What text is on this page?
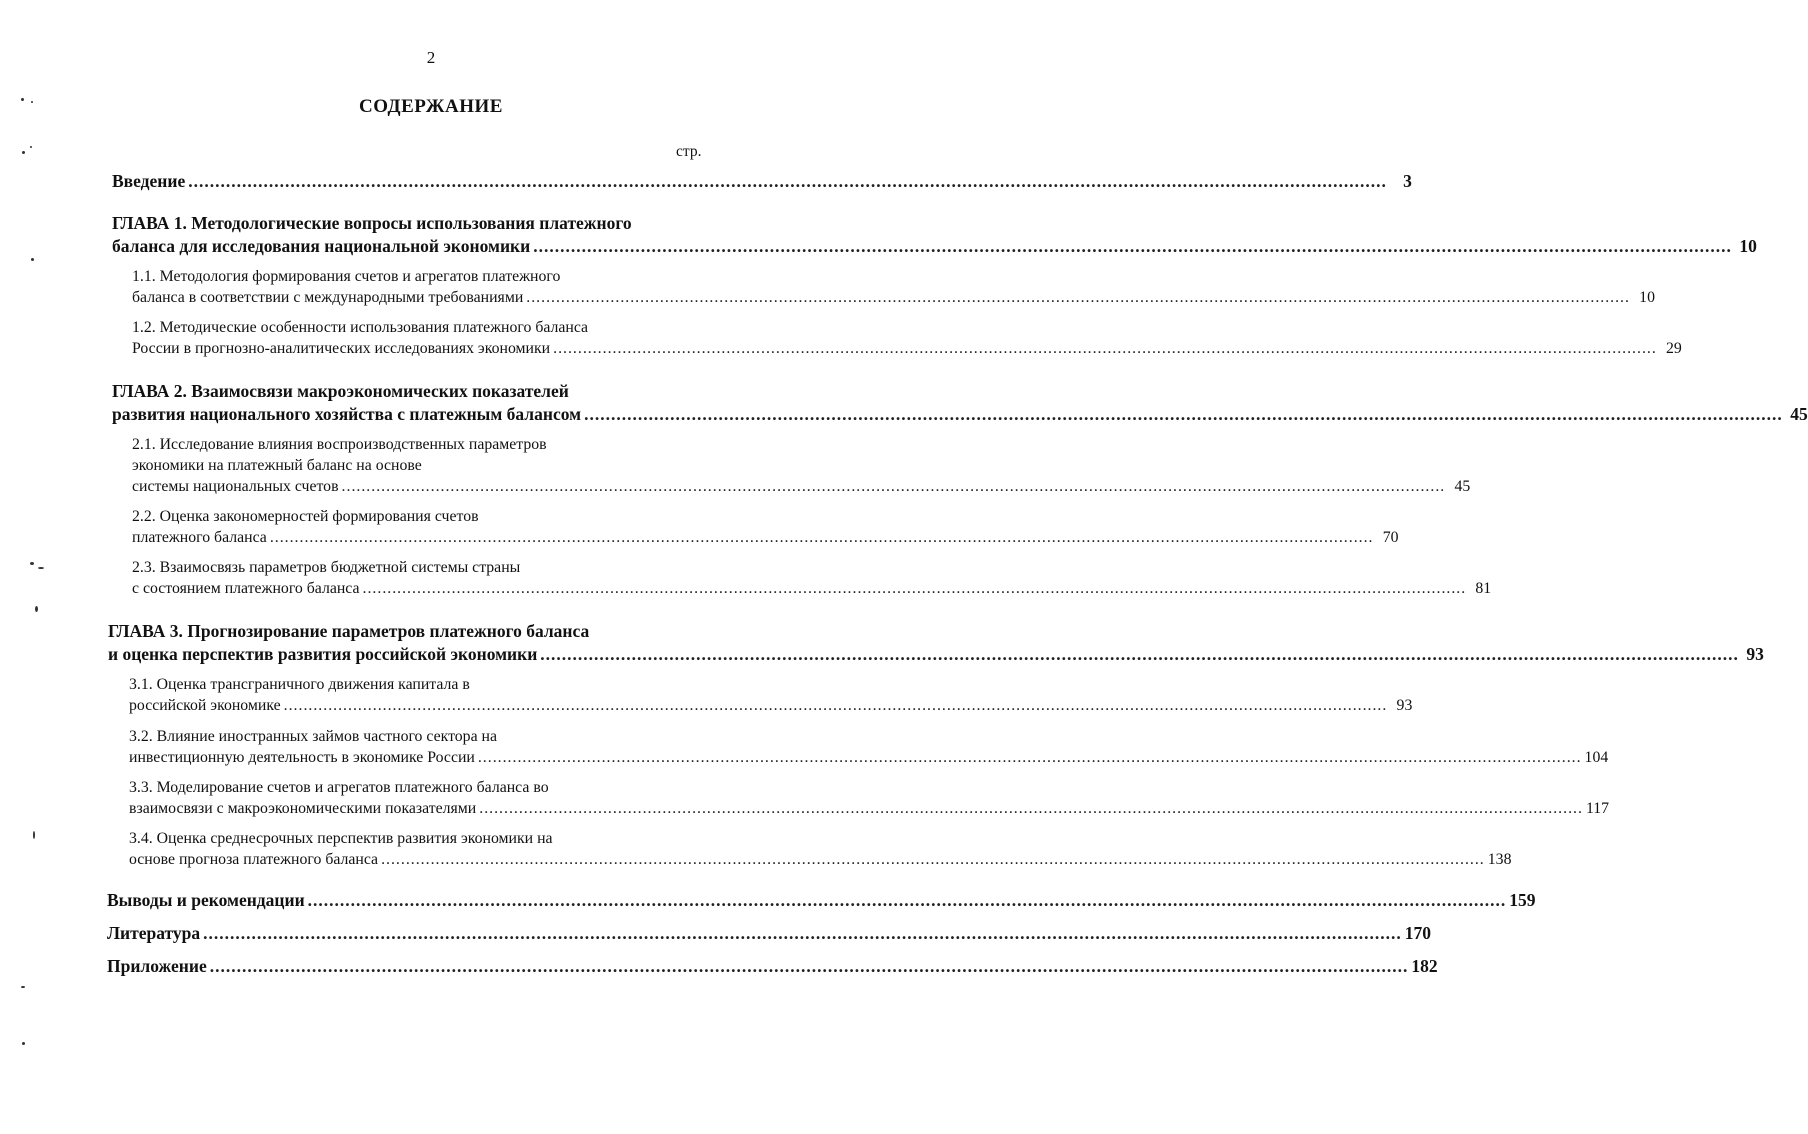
2
СОДЕРЖАНИЕ
стр.
Введение ............................................................................................................................................................................................................................... 3
ГЛАВА 1. Методологические вопросы использования платежного
баланса для исследования национальной экономики ............................................................................................................................................................................................................................... 10
1.1. Методология формирования счетов и агрегатов платежного
баланса в соответствии с международными требованиями ............................................................................................................................................................................................................................... 10
1.2. Методические особенности использования платежного баланса
России в прогнозно-аналитических исследованиях экономики ............................................................................................................................................................................................................................... 29
ГЛАВА 2. Взаимосвязи макроэкономических показателей
развития национального хозяйства с платежным балансом ............................................................................................................................................................................................................................... 45
2.1. Исследование влияния воспроизводственных параметров
экономики на платежный баланс на основе
системы национальных счетов ............................................................................................................................................................................................................................... 45
2.2. Оценка закономерностей формирования счетов
платежного баланса ............................................................................................................................................................................................................................... 70
2.3. Взаимосвязь параметров бюджетной системы страны
с состоянием платежного баланса ............................................................................................................................................................................................................................... 81
ГЛАВА 3. Прогнозирование параметров платежного баланса
и оценка перспектив развития российской экономики ............................................................................................................................................................................................................................... 93
3.1. Оценка трансграничного движения капитала в
российской экономике ............................................................................................................................................................................................................................... 93
3.2. Влияние иностранных займов частного сектора на
инвестиционную деятельность в экономике России ............................................................................................................................................................................................................................... 104
3.3. Моделирование счетов и агрегатов платежного баланса во
взаимосвязи с макроэкономическими показателями ............................................................................................................................................................................................................................... 117
3.4. Оценка среднесрочных перспектив развития экономики на
основе прогноза платежного баланса ............................................................................................................................................................................................................................... 138
Выводы и рекомендации ............................................................................................................................................................................................................................... 159
Литература ............................................................................................................................................................................................................................... 170
Приложение ............................................................................................................................................................................................................................... 182
